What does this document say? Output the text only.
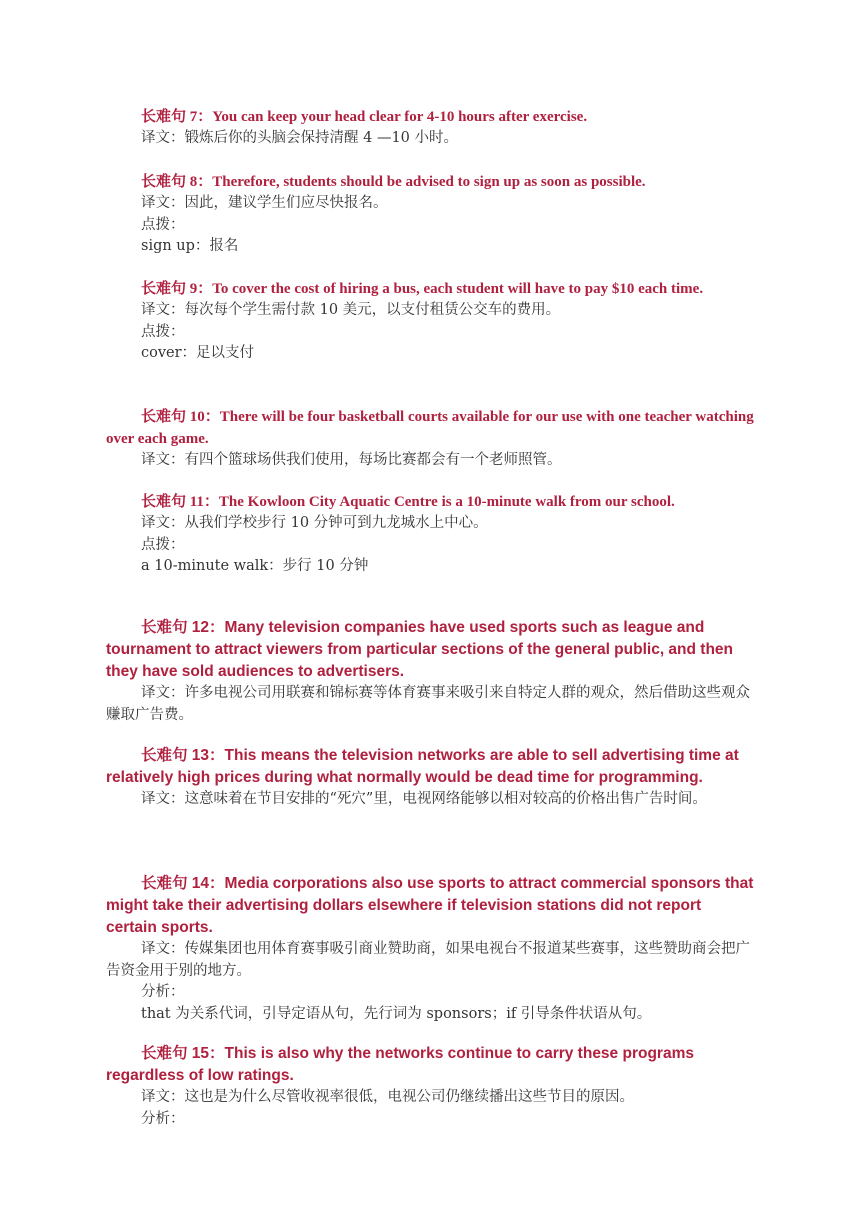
长难句 7：You can keep your head clear for 4-10 hours after exercise.
译文：锻炼后你的头脑会保持清醒 4 —10 小时。
长难句 8：Therefore, students should be advised to sign up as soon as possible.
译文：因此，建议学生们应尽快报名。
点拨：
sign up：报名
长难句 9：To cover the cost of hiring a bus, each student will have to pay $10 each time.
译文：每次每个学生需付款 10 美元，以支付租赁公交车的费用。
点拨：
cover：足以支付
长难句 10：There will be four basketball courts available for our use with one teacher watching over each game.
译文：有四个篮球场供我们使用，每场比赛都会有一个老师照管。
长难句 11：The Kowloon City Aquatic Centre is a 10-minute walk from our school.
译文：从我们学校步行 10 分钟可到九龙城水上中心。
点拨：
a 10-minute walk：步行 10 分钟
长难句 12：Many television companies have used sports such as league and tournament to attract viewers from particular sections of the general public, and then they have sold audiences to advertisers.
译文：许多电视公司用联赛和锦标赛等体育赛事来吸引来自特定人群的观众，然后借助这些观众赚取广告费。
长难句 13：This means the television networks are able to sell advertising time at relatively high prices during what normally would be dead time for programming.
译文：这意味着在节目安排的“死穴”里，电视网络能够以相对较高的价格出售广告时间。
长难句 14：Media corporations also use sports to attract commercial sponsors that might take their advertising dollars elsewhere if television stations did not report certain sports.
译文：传媒集团也用体育赛事吸引商业赞助商，如果电视台不报道某些赛事，这些赞助商会把广告资金用于别的地方。
分析：
that 为关系代词，引导定语从句，先行词为 sponsors；if 引导条件状语从句。
长难句 15：This is also why the networks continue to carry these programs regardless of low ratings.
译文：这也是为什么尽管收视率很低，电视公司仍继续播出这些节目的原因。
分析：
